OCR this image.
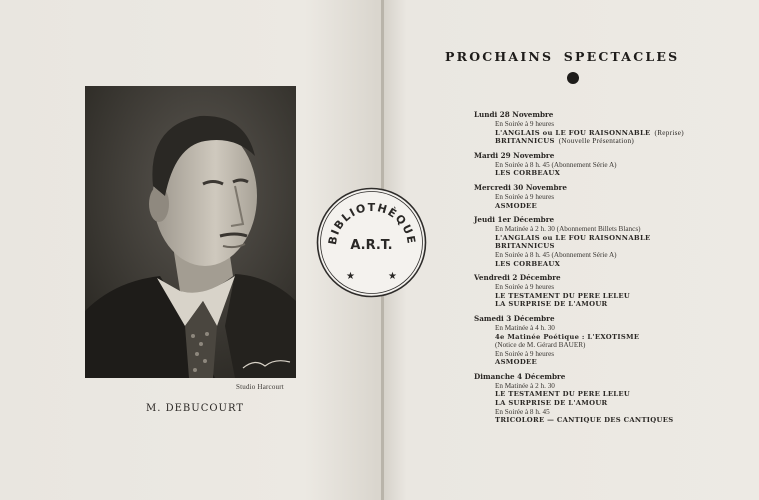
Studio Harcourt
M. DEBUCOURT
PROCHAINS SPECTACLES
Lundi 28 Novembre
En Soirée à 9 heures
L'ANGLAIS ou LE FOU RAISONNABLE (Reprise)
BRITANNICUS (Nouvelle Présentation)
Mardi 29 Novembre
En Soirée à 8 h. 45 (Abonnement Série A)
LES CORBEAUX
Mercredi 30 Novembre
En Soirée à 9 heures
ASMODEE
Jeudi 1er Décembre
En Matinée à 2 h. 30 (Abonnement Billets Blancs)
L'ANGLAIS ou LE FOU RAISONNABLE
BRITANNICUS
En Soirée à 8 h. 45 (Abonnement Série A)
LES CORBEAUX
Vendredi 2 Décembre
En Soirée à 9 heures
LE TESTAMENT DU PERE LELEU
LA SURPRISE DE L'AMOUR
Samedi 3 Décembre
En Matinée à 4 h. 30
4e Matinée Poétique : L'EXOTISME
(Notice de M. Gérard BAUER)
En Soirée à 9 heures
ASMODEE
Dimanche 4 Décembre
En Matinée à 2 h. 30
LE TESTAMENT DU PERE LELEU
LA SURPRISE DE L'AMOUR
En Soirée à 8 h. 45
TRICOLORE — CANTIQUE DES CANTIQUES
BIBLIOTHÈQUE
A.R.T.
★	★
